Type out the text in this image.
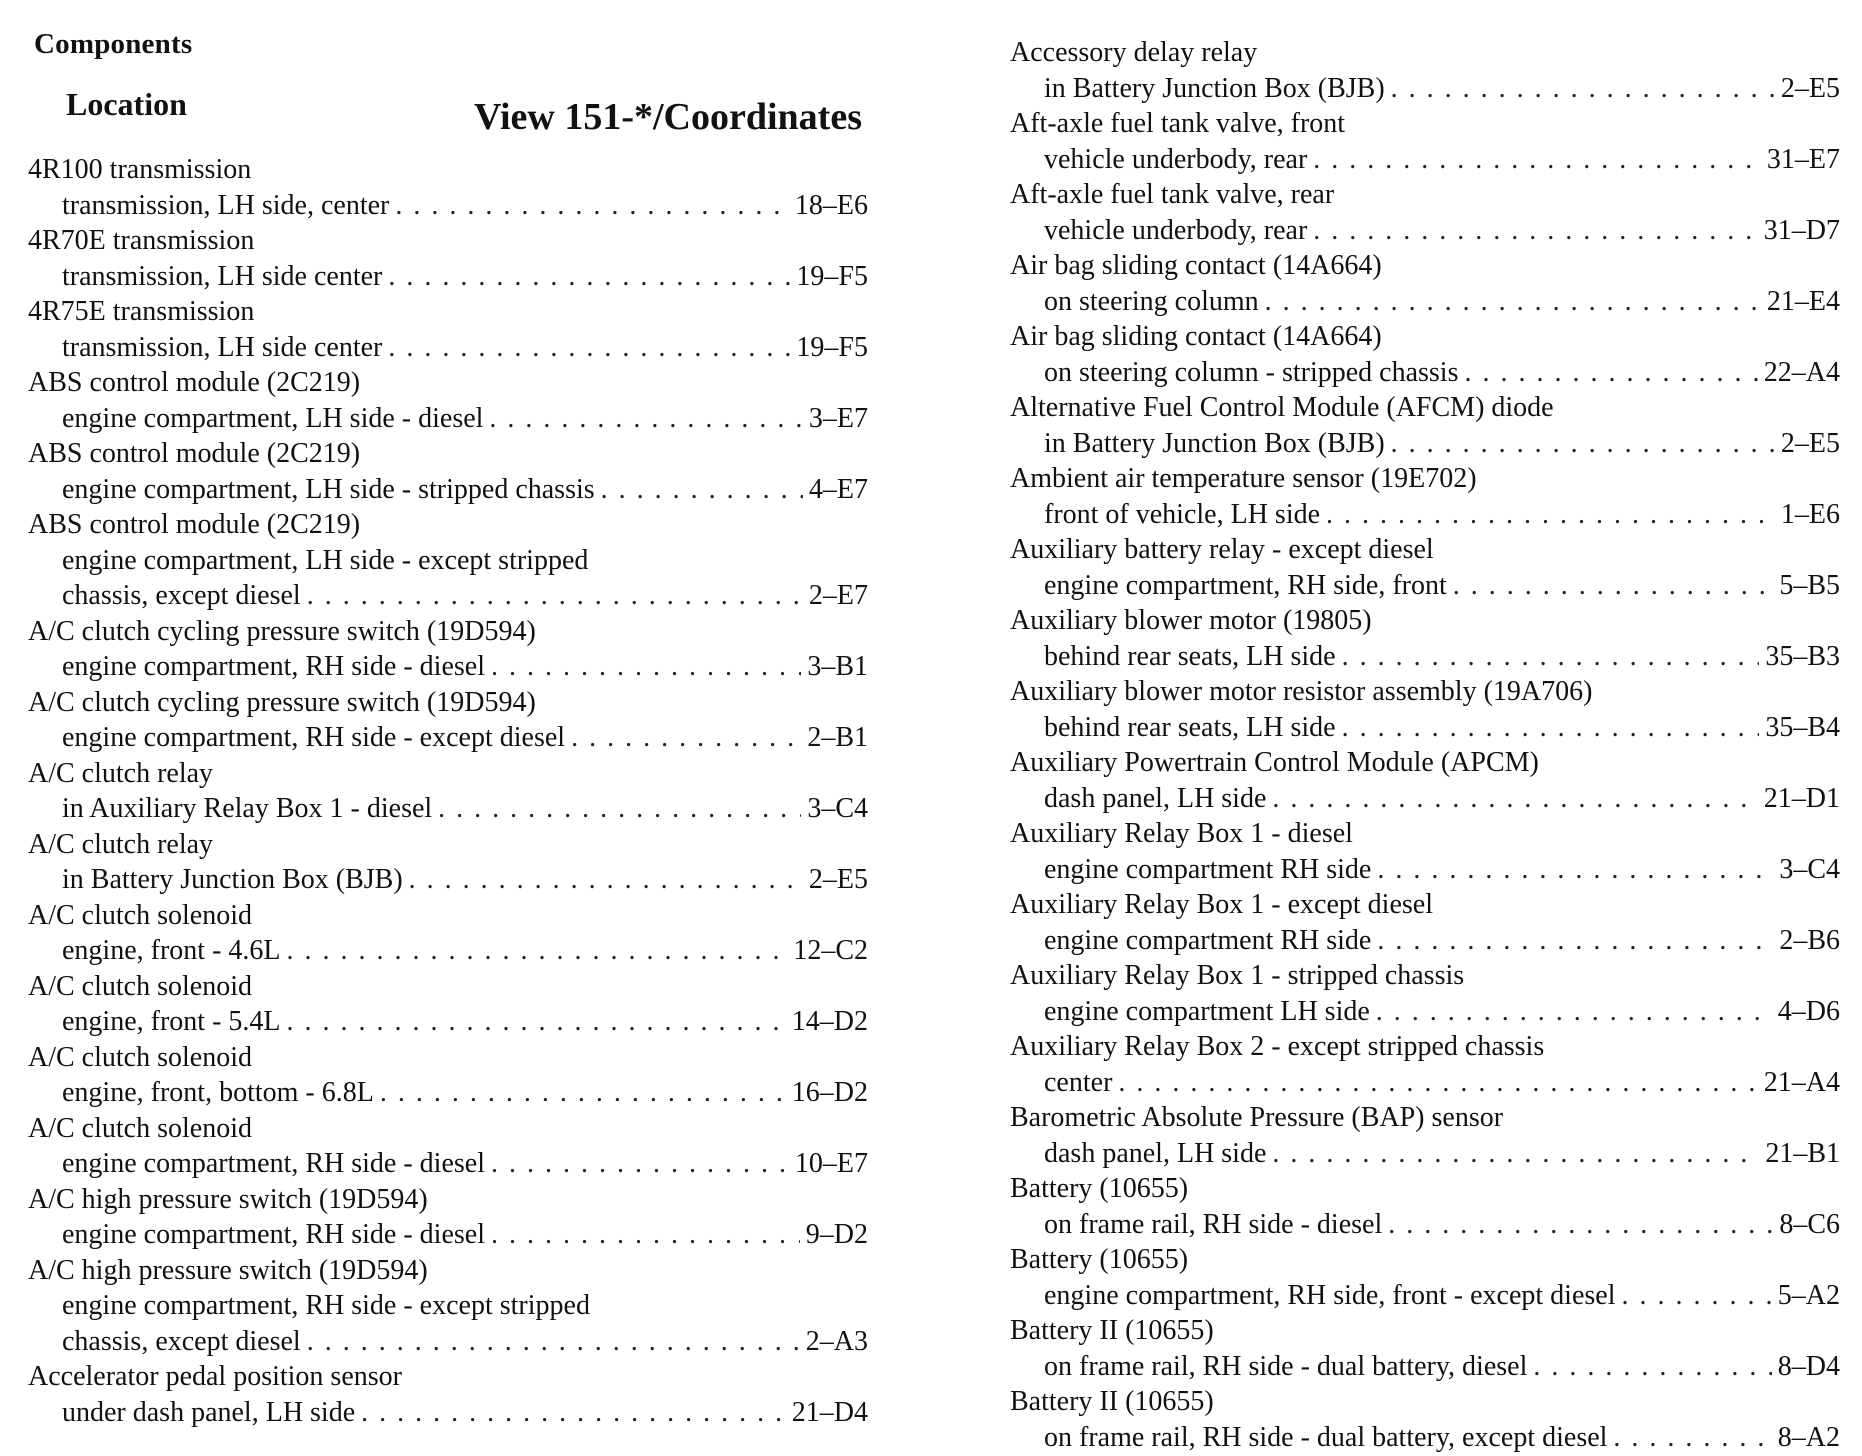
Components
Location	View 151-*/Coordinates
4R100 transmission
transmission, LH side, center . . .	18–E6
4R70E transmission
transmission, LH side center . . .	19–F5
4R75E transmission
transmission, LH side center . . .	19–F5
ABS control module (2C219)
engine compartment, LH side - diesel . . .	3–E7
ABS control module (2C219)
engine compartment, LH side - stripped chassis . . .	4–E7
ABS control module (2C219)
engine compartment, LH side - except stripped
chassis, except diesel . . .	2–E7
A/C clutch cycling pressure switch (19D594)
engine compartment, RH side - diesel . . .	3–B1
A/C clutch cycling pressure switch (19D594)
engine compartment, RH side - except diesel . . .	2–B1
A/C clutch relay
in Auxiliary Relay Box 1 - diesel . . .	3–C4
A/C clutch relay
in Battery Junction Box (BJB) . . .	2–E5
A/C clutch solenoid
engine, front - 4.6L . . .	12–C2
A/C clutch solenoid
engine, front - 5.4L . . .	14–D2
A/C clutch solenoid
engine, front, bottom - 6.8L . . .	16–D2
A/C clutch solenoid
engine compartment, RH side - diesel . . .	10–E7
A/C high pressure switch (19D594)
engine compartment, RH side - diesel . . .	9–D2
A/C high pressure switch (19D594)
engine compartment, RH side - except stripped
chassis, except diesel . . .	2–A3
Accelerator pedal position sensor
under dash panel, LH side . . .	21–D4
Accessory delay relay
in Battery Junction Box (BJB) . . .	2–E5
Aft-axle fuel tank valve, front
vehicle underbody, rear . . .	31–E7
Aft-axle fuel tank valve, rear
vehicle underbody, rear . . .	31–D7
Air bag sliding contact (14A664)
on steering column . . .	21–E4
Air bag sliding contact (14A664)
on steering column - stripped chassis . . .	22–A4
Alternative Fuel Control Module (AFCM) diode
in Battery Junction Box (BJB) . . .	2–E5
Ambient air temperature sensor (19E702)
front of vehicle, LH side . . .	1–E6
Auxiliary battery relay - except diesel
engine compartment, RH side, front . . .	5–B5
Auxiliary blower motor (19805)
behind rear seats, LH side . . .	35–B3
Auxiliary blower motor resistor assembly (19A706)
behind rear seats, LH side . . .	35–B4
Auxiliary Powertrain Control Module (APCM)
dash panel, LH side . . .	21–D1
Auxiliary Relay Box 1 - diesel
engine compartment RH side . . .	3–C4
Auxiliary Relay Box 1 - except diesel
engine compartment RH side . . .	2–B6
Auxiliary Relay Box 1 - stripped chassis
engine compartment LH side . . .	4–D6
Auxiliary Relay Box 2 - except stripped chassis
center . . .	21–A4
Barometric Absolute Pressure (BAP) sensor
dash panel, LH side . . .	21–B1
Battery (10655)
on frame rail, RH side - diesel . . .	8–C6
Battery (10655)
engine compartment, RH side, front - except diesel . . .	5–A2
Battery II (10655)
on frame rail, RH side - dual battery, diesel . . .	8–D4
Battery II (10655)
on frame rail, RH side - dual battery, except diesel . . .	8–A2
